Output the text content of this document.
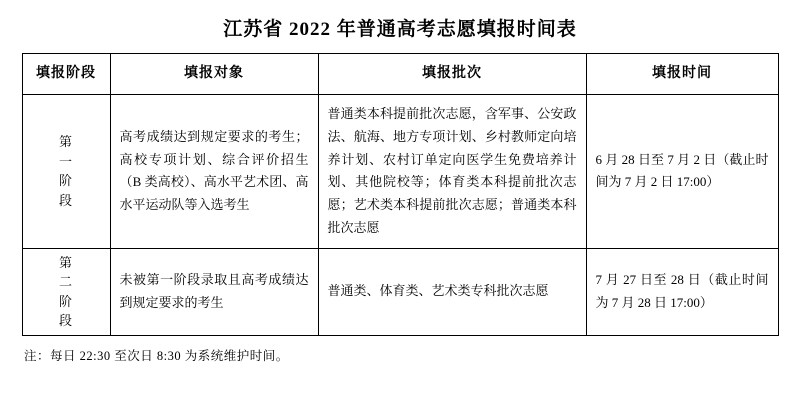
江苏省 2022 年普通高考志愿填报时间表
填报阶段	填报对象	填报批次	填报时间

第
一
阶
段	高考成绩达到规定要求的考生；高校专项计划、综合评价招生（B 类高校）、高水平艺术团、高水平运动队等入选考生	普通类本科提前批次志愿，含军事、公安政法、航海、地方专项计划、乡村教师定向培养计划、农村订单定向医学生免费培养计划、其他院校等；体育类本科提前批次志愿；艺术类本科提前批次志愿；普通类本科批次志愿	6 月 28 日至 7 月 2 日（截止时间为 7 月 2 日 17:00）

第
二
阶
段	未被第一阶段录取且高考成绩达到规定要求的考生	普通类、体育类、艺术类专科批次志愿	7 月 27 日至 28 日（截止时间为 7 月 28 日 17:00）
注：每日 22:30 至次日 8:30 为系统维护时间。
